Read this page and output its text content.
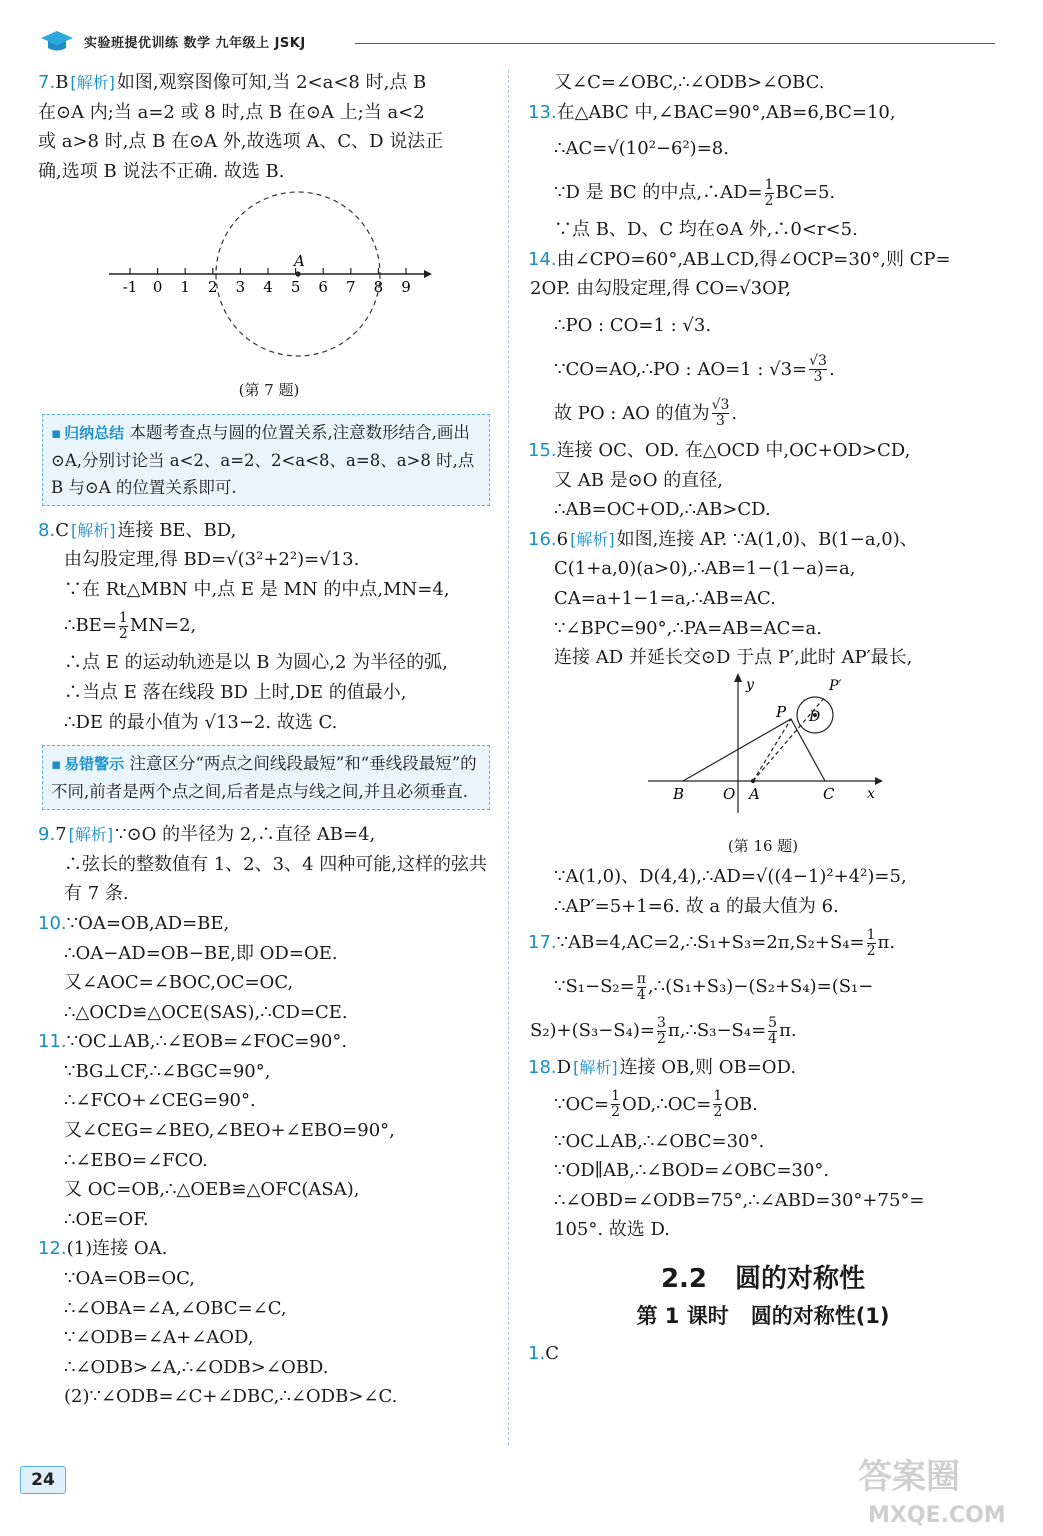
实验班提优训练 数学 九年级上 JSKJ
7.B [解析] 如图,观察图像可知,当 2<a<8 时,点 B
在⊙A 内;当 a=2 或 8 时,点 B 在⊙A 上;当 a<2
或 a>8 时,点 B 在⊙A 外,故选项 A、C、D 说法正
确,选项 B 说法不正确. 故选 B.
-1 0 1 2 3 4 5 6 7 8 9
A
(第 7 题)
▪ 归纳总结 本题考查点与圆的位置关系,注意数形结合,画出⊙A,分别讨论当 a<2、a=2、2<a<8、a=8、a>8 时,点 B 与⊙A 的位置关系即可.
8.C [解析] 连接 BE、BD,
由勾股定理,得 BD=√(3²+2²)=√13.
∵在 Rt△MBN 中,点 E 是 MN 的中点,MN=4,
∴BE= $\frac{1}{2} MN=2$,
∴点 E 的运动轨迹是以 B 为圆心,2 为半径的弧,
∴当点 E 落在线段 BD 上时,DE 的值最小,
∴DE 的最小值为 √13−2. 故选 C.
▪ 易错警示 注意区分“两点之间线段最短”和“垂线段最短”的不同,前者是两个点之间,后者是点与线之间,并且必须垂直.
9.7 [解析] ∵⊙O 的半径为 2,∴直径 AB=4,
∴弦长的整数值有 1、2、3、4 四种可能,这样的弦共
有 7 条.
10.∵OA=OB,AD=BE,
∴OA−AD=OB−BE,即 OD=OE.
又∠AOC=∠BOC,OC=OC,
∴△OCD≌△OCE(SAS),∴CD=CE.
11.∵OC⊥AB,∴∠EOB=∠FOC=90°.
∵BG⊥CF,∴∠BGC=90°,
∴∠FCO+∠CEG=90°.
又∠CEG=∠BEO,∠BEO+∠EBO=90°,
∴∠EBO=∠FCO.
又 OC=OB,∴△OEB≌△OFC(ASA),
∴OE=OF.
12.(1)连接 OA.
∵OA=OB=OC,
∴∠OBA=∠A,∠OBC=∠C,
∵∠ODB=∠A+∠AOD,
∴∠ODB>∠A,∴∠ODB>∠OBD.
(2)∵∠ODB=∠C+∠DBC,∴∠ODB>∠C.
又∠C=∠OBC,∴∠ODB>∠OBC.
13.在△ABC 中,∠BAC=90°,AB=6,BC=10,
∴AC=√(10²−6²)=8.
∵D 是 BC 的中点,∴AD= $\frac{1}{2} BC=5$.
∵点 B、D、C 均在⊙A 外,∴0<r<5.
14.由∠CPO=60°,AB⊥CD,得∠OCP=30°,则 CP=
2OP. 由勾股定理,得 CO=√3OP,
∴PO : CO=1 : √3.
∵CO=AO,∴PO : AO=1 : $√3= \frac{√3}{3}$ .
故 PO : AO 的值为 $\frac{√3}{3}$ .
15.连接 OC、OD. 在△OCD 中,OC+OD>CD,
又 AB 是⊙O 的直径,
∴AB=OC+OD,∴AB>CD.
16.6 [解析] 如图,连接 AP. ∵A(1,0)、B(1−a,0)、
C(1+a,0)(a>0),∴AB=1−(1−a)=a,
CA=a+1−1=a,∴AB=AC.
∵∠BPC=90°,∴PA=AB=AC=a.
连接 AD 并延长交⊙D 于点 P′,此时 AP′最长,
y
x
B	O A	C
P D
P′
(第 16 题)
∵A(1,0)、D(4,4),∴AD=√((4−1)²+4²)=5,
∴AP′=5+1=6. 故 a 的最大值为 6.
17.∵AB=4,AC=2,∴S₁+S₃=2π,S₂+S₄= $\frac{1}{2} \pi$.
∵S₁−S₂= $\frac{\pi}{4}$ ,∴(S₁+S₃)−(S₂+S₄)=(S₁−
$S_2)+(S_3-S_4)= \frac{3}{2}$ π,∴S₃−S₄= $\frac{5}{4} \pi$.
18.D [解析] 连接 OB,则 OB=OD.
∵OC= $\frac{1}{2}$ OD,∴OC= $\frac{1}{2}$ OB.
∵OC⊥AB,∴∠OBC=30°.
∵OD∥AB,∴∠BOD=∠OBC=30°.
∴∠OBD=∠ODB=75°,∴∠ABD=30°+75°=
105°. 故选 D.
2.2 圆的对称性
第 1 课时 圆的对称性(1)
1.C
24	答案圈
MXQE.COM
